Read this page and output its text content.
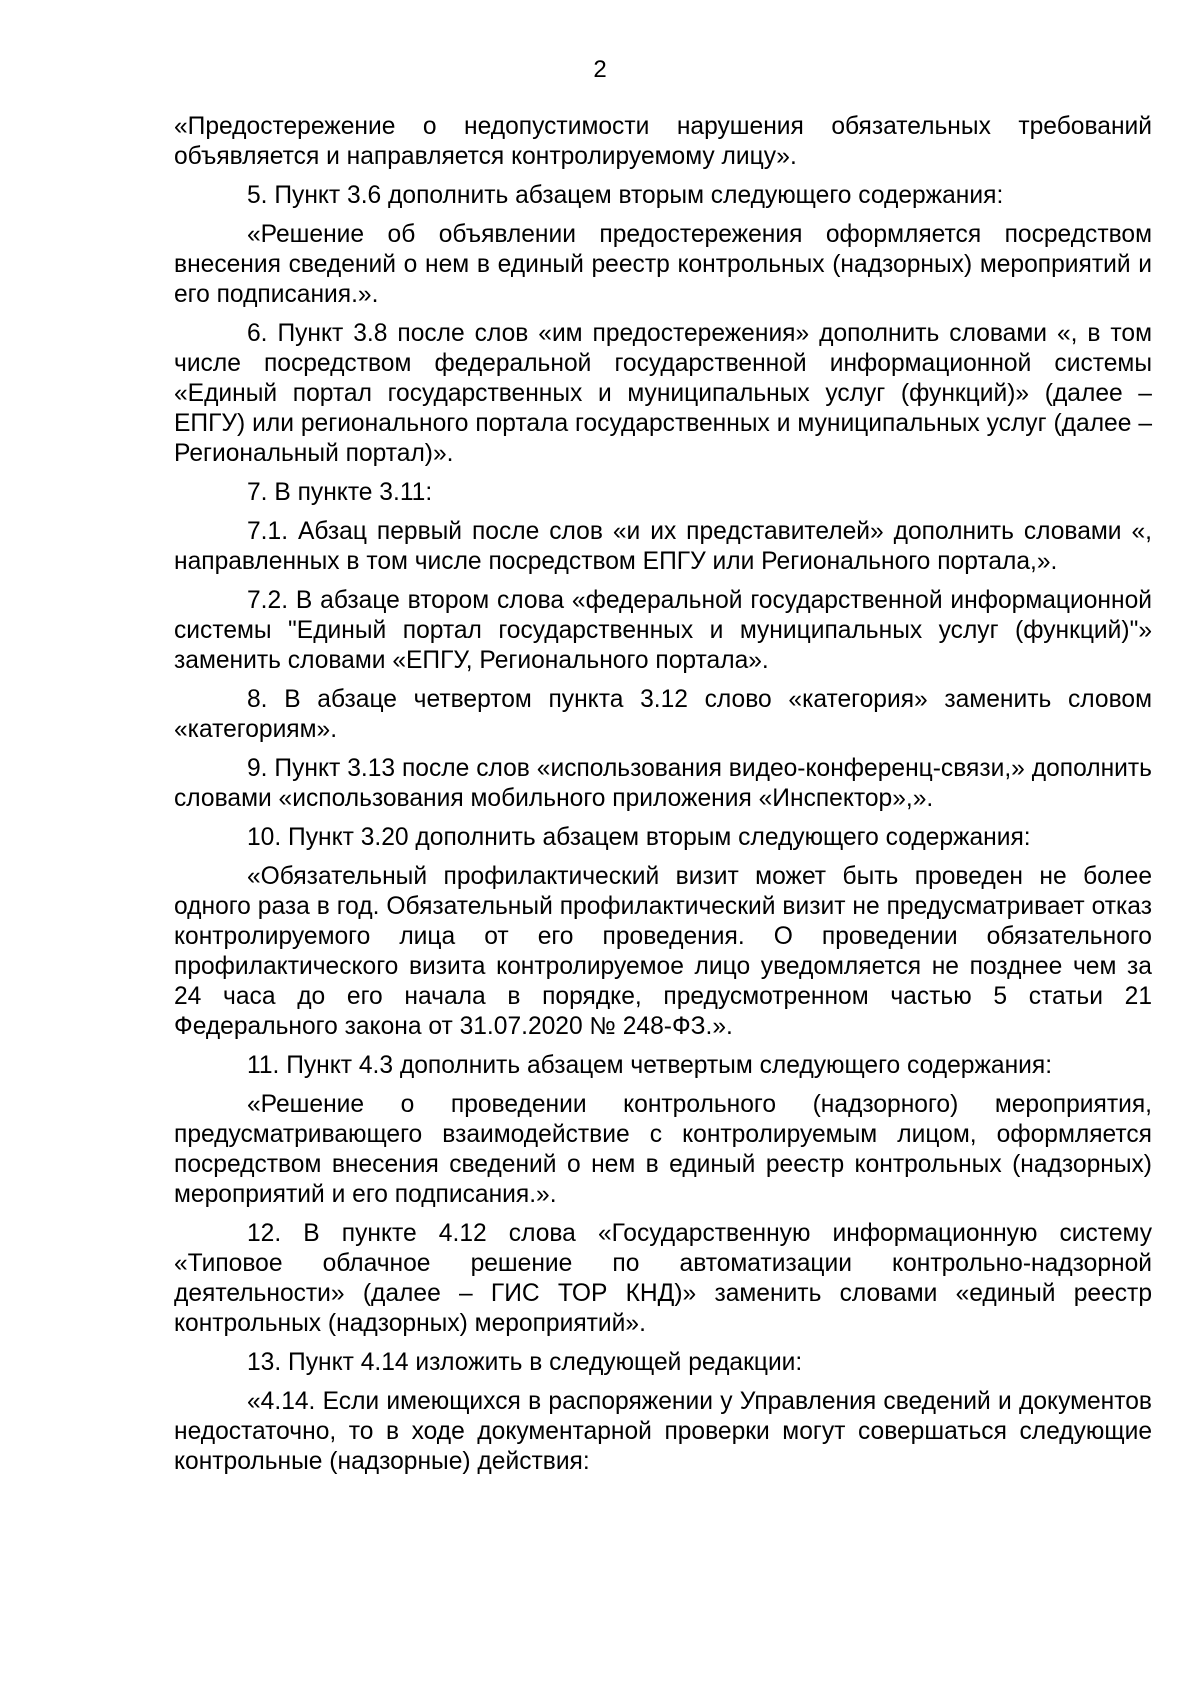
2

«Предостережение о недопустимости нарушения обязательных требований объявляется и направляется контролируемому лицу».

5. Пункт 3.6 дополнить абзацем вторым следующего содержания:

«Решение об объявлении предостережения оформляется посредством внесения сведений о нем в единый реестр контрольных (надзорных) мероприятий и его подписания.».

6. Пункт 3.8 после слов «им предостережения» дополнить словами «, в том числе посредством федеральной государственной информационной системы «Единый портал государственных и муниципальных услуг (функций)» (далее – ЕПГУ) или регионального портала государственных и муниципальных услуг (далее – Региональный портал)».

7. В пункте 3.11:

7.1. Абзац первый после слов «и их представителей» дополнить словами «, направленных в том числе посредством ЕПГУ или Регионального портала,».

7.2. В абзаце втором слова «федеральной государственной информационной системы "Единый портал государственных и муниципальных услуг (функций)"» заменить словами «ЕПГУ, Регионального портала».

8. В абзаце четвертом пункта 3.12 слово «категория» заменить словом «категориям».

9. Пункт 3.13 после слов «использования видео-конференц-связи,» дополнить словами «использования мобильного приложения «Инспектор»,».

10. Пункт 3.20 дополнить абзацем вторым следующего содержания:

«Обязательный профилактический визит может быть проведен не более одного раза в год. Обязательный профилактический визит не предусматривает отказ контролируемого лица от его проведения. О проведении обязательного профилактического визита контролируемое лицо уведомляется не позднее чем за 24 часа до его начала в порядке, предусмотренном частью 5 статьи 21 Федерального закона от 31.07.2020 № 248-ФЗ.».

11. Пункт 4.3 дополнить абзацем четвертым следующего содержания:

«Решение о проведении контрольного (надзорного) мероприятия, предусматривающего взаимодействие с контролируемым лицом, оформляется посредством внесения сведений о нем в единый реестр контрольных (надзорных) мероприятий и его подписания.».

12. В пункте 4.12 слова «Государственную информационную систему «Типовое облачное решение по автоматизации контрольно-надзорной деятельности» (далее – ГИС ТОР КНД)» заменить словами «единый реестр контрольных (надзорных) мероприятий».

13. Пункт 4.14 изложить в следующей редакции:

«4.14. Если имеющихся в распоряжении у Управления сведений и документов недостаточно, то в ходе документарной проверки могут совершаться следующие контрольные (надзорные) действия:
